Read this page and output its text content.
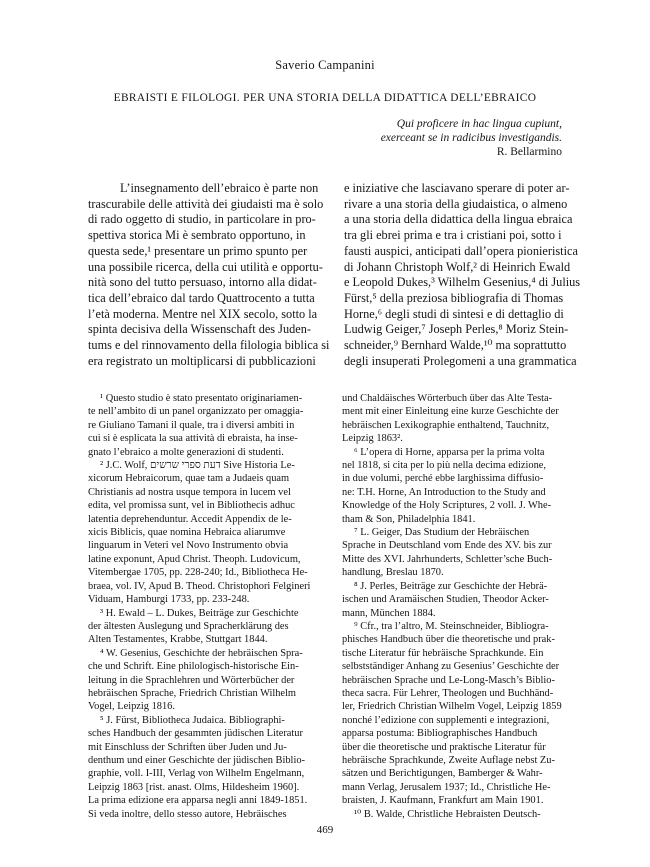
Saverio Campanini
EBRAISTI E FILOLOGI. PER UNA STORIA DELLA DIDATTICA DELL’EBRAICO
Qui proficere in hac lingua cupiunt,
exerceant se in radicibus investigandis.
R. Bellarmino
L’insegnamento dell’ebraico è parte non
trascurabile delle attività dei giudaisti ma è solo
di rado oggetto di studio, in particolare in pro-
spettiva storica Mi è sembrato opportuno, in
questa sede,¹ presentare un primo spunto per
una possibile ricerca, della cui utilità e opportu-
nità sono del tutto persuaso, intorno alla didat-
tica dell’ebraico dal tardo Quattrocento a tutta
l’età moderna. Mentre nel XIX secolo, sotto la
spinta decisiva della Wissenschaft des Juden-
tums e del rinnovamento della filologia biblica si
era registrato un moltiplicarsi di pubblicazioni
e iniziative che lasciavano sperare di poter ar-
rivare a una storia della giudaistica, o almeno
a una storia della didattica della lingua ebraica
tra gli ebrei prima e tra i cristiani poi, sotto i
fausti auspici, anticipati dall’opera pionieristica
di Johann Christoph Wolf,² di Heinrich Ewald
e Leopold Dukes,³ Wilhelm Gesenius,⁴ di Julius
Fürst,⁵ della preziosa bibliografia di Thomas
Horne,⁶ degli studi di sintesi e di dettaglio di
Ludwig Geiger,⁷ Joseph Perles,⁸ Moriz Stein-
schneider,⁹ Bernhard Walde,¹⁰ ma soprattutto
degli insuperati Prolegomeni a una grammatica
¹ Questo studio è stato presentato originariamen-
te nell’ambito di un panel organizzato per omaggia-
re Giuliano Tamani il quale, tra i diversi ambiti in
cui si è esplicata la sua attività di ebraista, ha inse-
gnato l’ebraico a molte generazioni di studenti.
² J.C. Wolf, דעת ספרי שרשים Sive Historia Le-
xicorum Hebraicorum, quae tam a Judaeis quam
Christianis ad nostra usque tempora in lucem vel
edita, vel promissa sunt, vel in Bibliothecis adhuc
latentia deprehenduntur. Accedit Appendix de le-
xicis Biblicis, quae nomina Hebraica aliarumve
linguarum in Veteri vel Novo Instrumento obvia
latine exponunt, Apud Christ. Theoph. Ludovicum,
Vitembergae 1705, pp. 228-240; Id., Bibliotheca He-
braea, vol. IV, Apud B. Theod. Christophori Felgineri
Viduam, Hamburgi 1733, pp. 233-248.
³ H. Ewald – L. Dukes, Beiträge zur Geschichte
der ältesten Auslegung und Spracherklärung des
Alten Testamentes, Krabbe, Stuttgart 1844.
⁴ W. Gesenius, Geschichte der hebräischen Spra-
che und Schrift. Eine philologisch-historische Ein-
leitung in die Sprachlehren und Wörterbücher der
hebräischen Sprache, Friedrich Christian Wilhelm
Vogel, Leipzig 1816.
⁵ J. Fürst, Bibliotheca Judaica. Bibliographi-
sches Handbuch der gesammten jüdischen Literatur
mit Einschluss der Schriften über Juden und Ju-
denthum und einer Geschichte der jüdischen Biblio-
graphie, voll. I-III, Verlag von Wilhelm Engelmann,
Leipzig 1863 [rist. anast. Olms, Hildesheim 1960].
La prima edizione era apparsa negli anni 1849-1851.
Si veda inoltre, dello stesso autore, Hebräisches
und Chaldäisches Wörterbuch über das Alte Testa-
ment mit einer Einleitung eine kurze Geschichte der
hebräischen Lexikographie enthaltend, Tauchnitz,
Leipzig 1863².
⁶ L’opera di Horne, apparsa per la prima volta
nel 1818, si cita per lo più nella decima edizione,
in due volumi, perché ebbe larghissima diffusio-
ne: T.H. Horne, An Introduction to the Study and
Knowledge of the Holy Scriptures, 2 voll. J. Whe-
tham & Son, Philadelphia 1841.
⁷ L. Geiger, Das Studium der Hebräischen
Sprache in Deutschland vom Ende des XV. bis zur
Mitte des XVI. Jahrhunderts, Schletter’sche Buch-
handlung, Breslau 1870.
⁸ J. Perles, Beiträge zur Geschichte der Hebrä-
ischen und Aramäischen Studien, Theodor Acker-
mann, München 1884.
⁹ Cfr., tra l’altro, M. Steinschneider, Bibliogra-
phisches Handbuch über die theoretische und prak-
tische Literatur für hebräische Sprachkunde. Ein
selbstständiger Anhang zu Gesenius’ Geschichte der
hebräischen Sprache und Le-Long-Masch’s Biblio-
theca sacra. Für Lehrer, Theologen und Buchhänd-
ler, Friedrich Christian Wilhelm Vogel, Leipzig 1859
nonché l’edizione con supplementi e integrazioni,
apparsa postuma: Bibliographisches Handbuch
über die theoretische und praktische Literatur für
hebräische Sprachkunde, Zweite Auflage nebst Zu-
sätzen und Berichtigungen, Bamberger & Wahr-
mann Verlag, Jerusalem 1937; Id., Christliche He-
braisten, J. Kaufmann, Frankfurt am Main 1901.
¹⁰ B. Walde, Christliche Hebraisten Deutsch-
469
